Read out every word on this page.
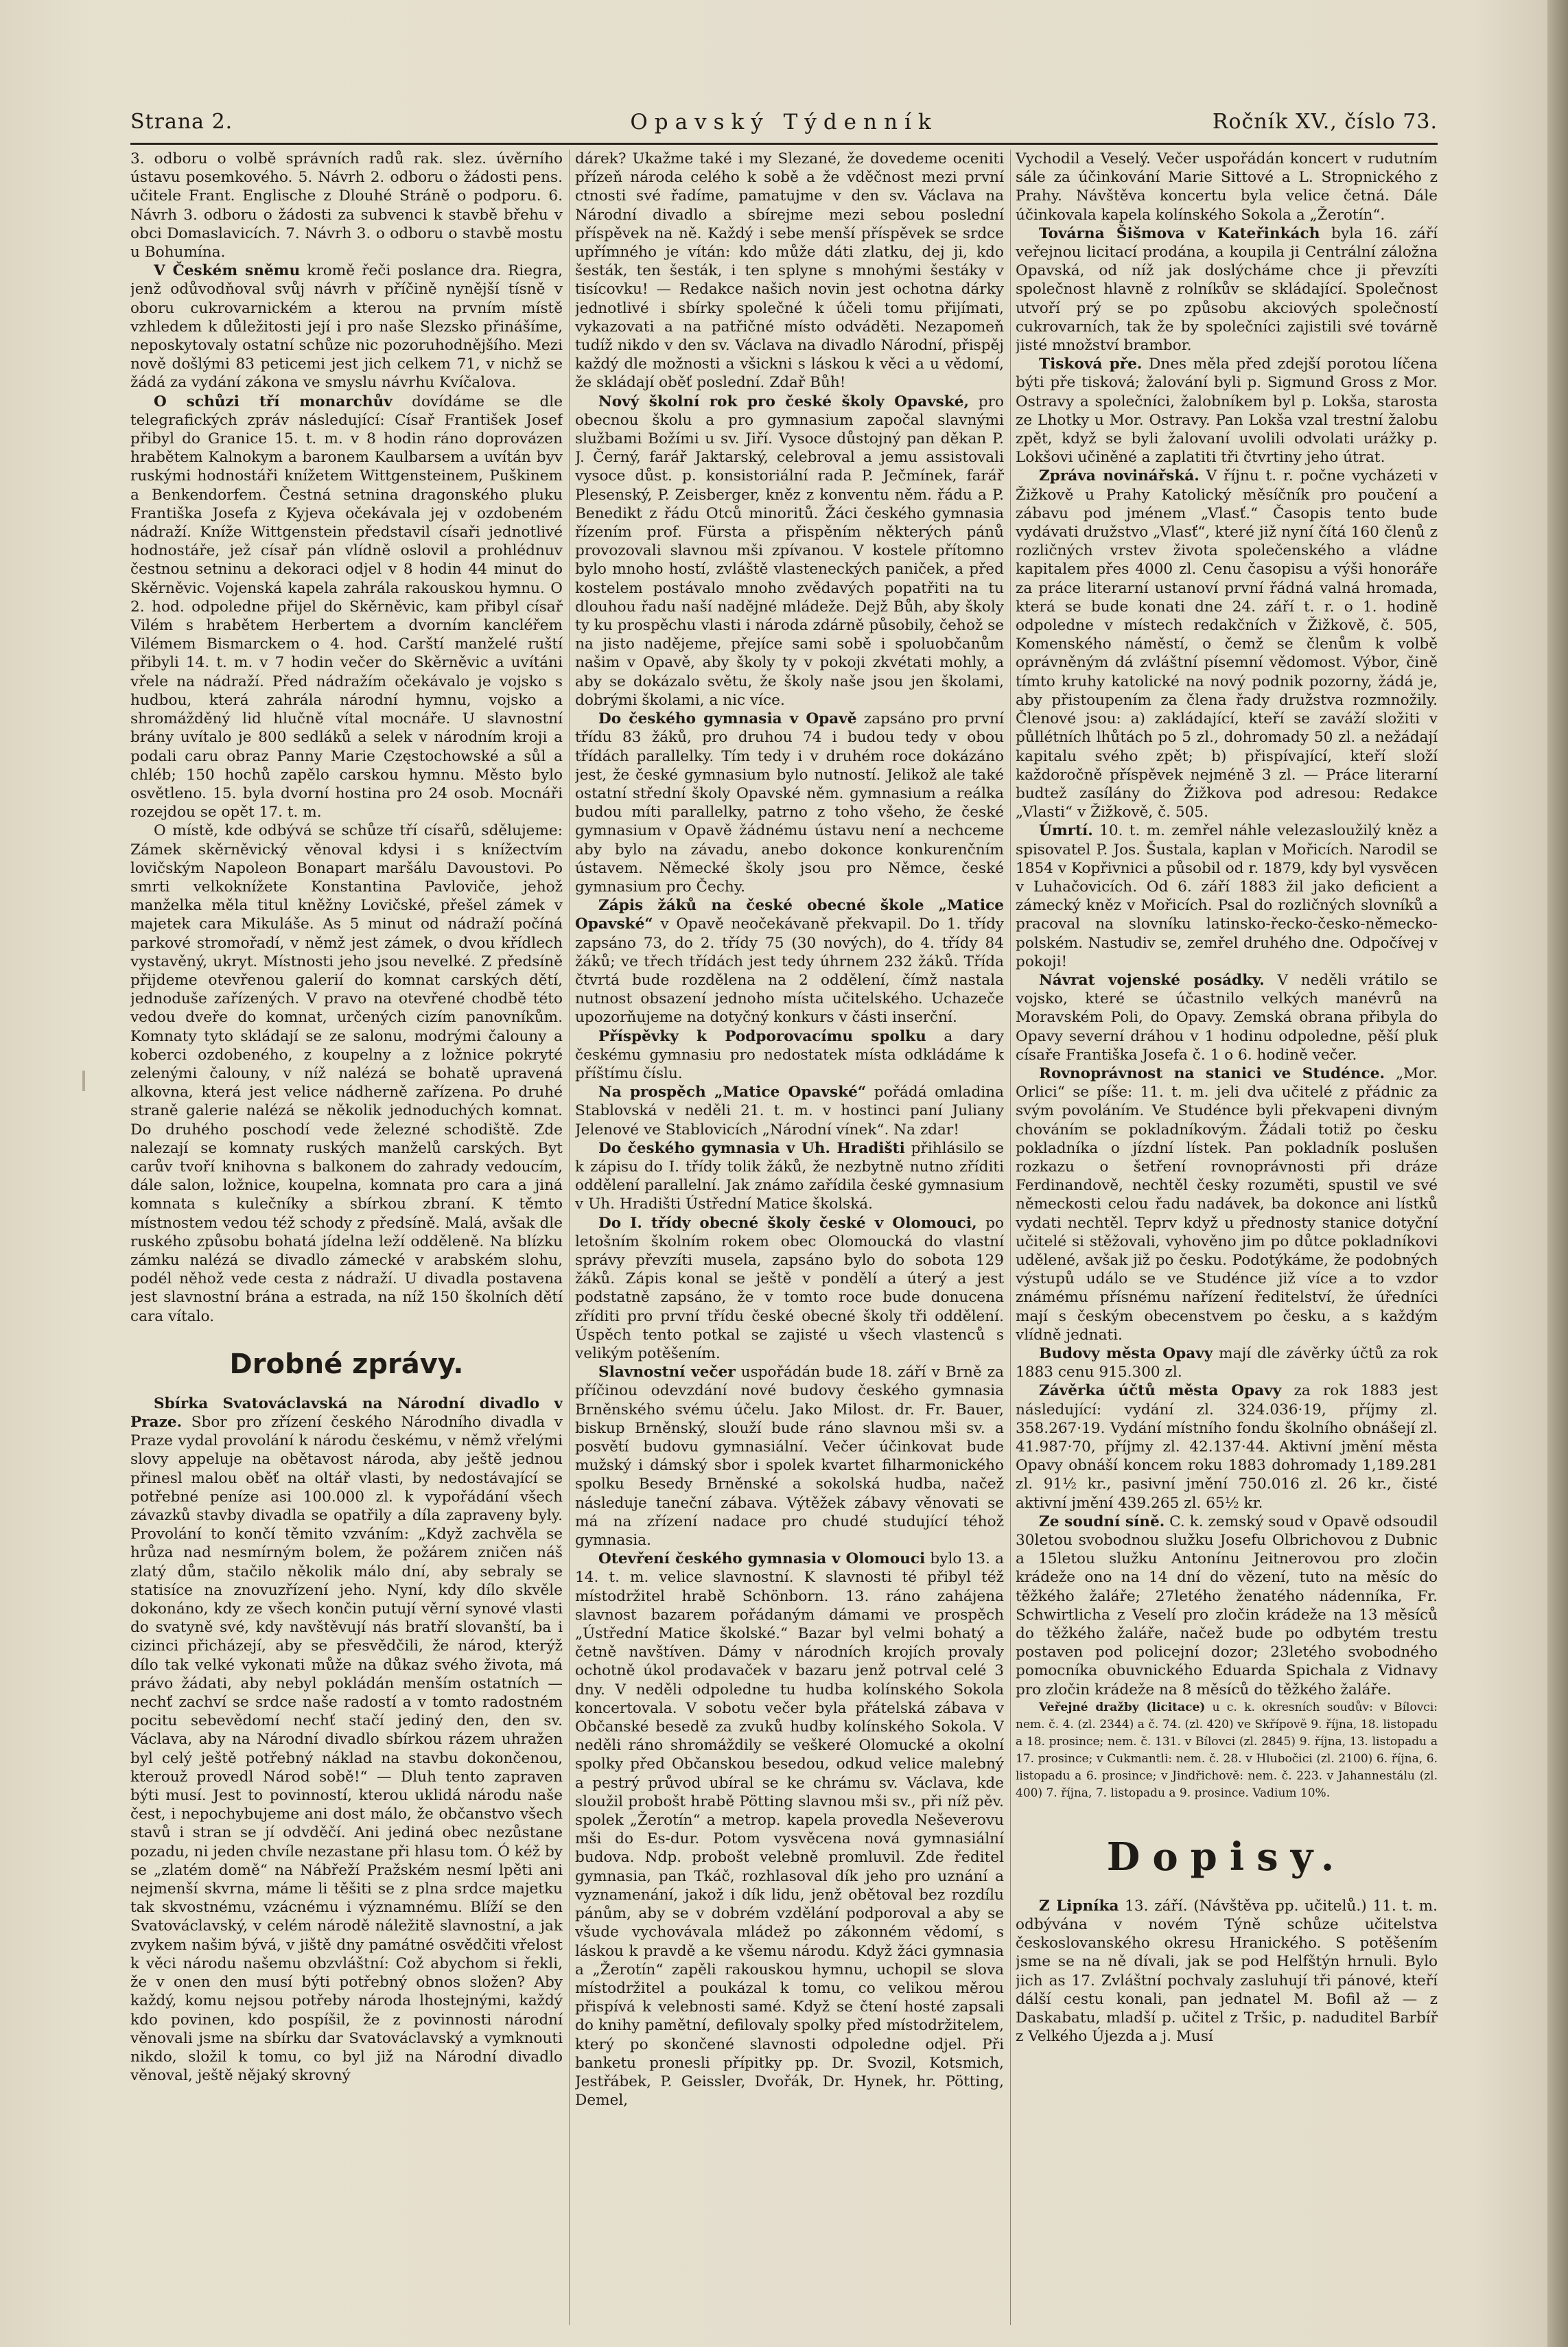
Opavský Týdenník
Strana 2.	Ročník XV., číslo 73.

3. odboru o volbě správních radů rak. slez. úvěrního ústavu posemkového. 5. Návrh 2. odboru o žádosti pens. učitele Frant. Englische z Dlouhé Stráně o podporu. 6. Návrh 3. odboru o žádosti za subvenci k stavbě břehu v obci Domaslavicích. 7. Návrh 3. o odboru o stavbě mostu u Bohumína.

V Českém sněmu kromě řeči poslance dra. Riegra, jenž odůvodňoval svůj návrh v příčině nynější tísně v oboru cukrovarnickém a kterou na prvním místě vzhledem k důležitosti její i pro naše Slezsko přinášíme, neposkytovaly ostatní schůze nic pozoruhodnějšího. Mezi nově došlými 83 peticemi jest jich celkem 71, v nichž se žádá za vydání zákona ve smyslu návrhu Kvíčalova.

O schůzi tří monarchův dovídáme se dle telegrafických zpráv následující: Císař František Josef přibyl do Granice 15. t. m. v 8 hodin ráno doprovázen hrabětem Kalnokym a baronem Kaulbarsem a uvítán byv ruskými hodnostáři knížetem Wittgensteinem, Puškinem a Benkendorfem. Čestná setnina dragonského pluku Františka Josefa z Kyjeva očekávala jej v ozdobeném nádraží. Kníže Wittgenstein představil císaři jednotlivé hodnostáře, jež císař pán vlídně oslovil a prohlédnuv čestnou setninu a dekoraci odjel v 8 hodin 44 minut do Skěrněvic. Vojenská kapela zahrála rakouskou hymnu. O 2. hod. odpoledne přijel do Skěrněvic, kam přibyl císař Vilém s hrabětem Herbertem a dvorním kancléřem Vilémem Bismarckem o 4. hod. Carští manželé ruští přibyli 14. t. m. v 7 hodin večer do Skěrněvic a uvítáni vřele na nádraží. Před nádražím očekávalo je vojsko s hudbou, která zahrála národní hymnu, vojsko a shromážděný lid hlučně vítal mocnáře. U slavnostní brány uvítalo je 800 sedláků a selek v národním kroji a podali caru obraz Panny Marie Częstochowské a sůl a chléb; 150 hochů zapělo carskou hymnu. Město bylo osvětleno. 15. byla dvorní hostina pro 24 osob. Mocnáři rozejdou se opět 17. t. m.

O místě, kde odbývá se schůze tří císařů, sdělujeme: Zámek skěrněvický věnoval kdysi i s knížectvím lovičským Napoleon Bonapart maršálu Davoustovi. Po smrti velkoknížete Konstantina Pavloviče, jehož manželka měla titul kněžny Lovičské, přešel zámek v majetek cara Mikuláše. As 5 minut od nádraží počíná parkové stromořadí, v němž jest zámek, o dvou křídlech vystavěný, ukryt. Místnosti jeho jsou nevelké. Z předsíně přijdeme otevřenou galerií do komnat carských dětí, jednoduše zařízených. V pravo na otevřené chodbě této vedou dveře do komnat, určených cizím panovníkům. Komnaty tyto skládají se ze salonu, modrými čalouny a koberci ozdobeného, z koupelny a z ložnice pokryté zelenými čalouny, v níž nalézá se bohatě upravená alkovna, která jest velice nádherně zařízena. Po druhé straně galerie nalézá se několik jednoduchých komnat. Do druhého poschodí vede železné schodiště. Zde nalezají se komnaty ruských manželů carských. Byt carův tvoří knihovna s balkonem do zahrady vedoucím, dále salon, ložnice, koupelna, komnata pro cara a jiná komnata s kulečníky a sbírkou zbraní. K těmto místnostem vedou též schody z předsíně. Malá, avšak dle ruského způsobu bohatá jídelna leží odděleně. Na blízku zámku nalézá se divadlo zámecké v arabském slohu, podél něhož vede cesta z nádraží. U divadla postavena jest slavnostní brána a estrada, na níž 150 školních dětí cara vítalo.

Drobné zprávy.

Sbírka Svatováclavská na Národní divadlo v Praze. Sbor pro zřízení českého Národního divadla v Praze vydal provolání k národu českému, v němž vřelými slovy appeluje na obětavost národa, aby ještě jednou přinesl malou oběť na oltář vlasti, by nedostávající se potřebné peníze asi 100.000 zl. k vypořádání všech závazků stavby divadla se opatřily a díla zapraveny byly. Provolání to končí těmito vzváním: „Když zachvěla se hrůza nad nesmírným bolem, že požárem zničen náš zlatý dům, stačilo několik málo dní, aby sebraly se statisíce na znovuzřízení jeho. Nyní, kdy dílo skvěle dokonáno, kdy ze všech končin putují věrní synové vlasti do svatyně své, kdy navštěvují nás bratří slovanští, ba i cizinci přicházejí, aby se přesvědčili, že národ, kterýž dílo tak velké vykonati může na důkaz svého života, má právo žádati, aby nebyl pokládán menším ostatních — nechť zachví se srdce naše radostí a v tomto radostném pocitu sebevědomí nechť stačí jediný den, den sv. Václava, aby na Národní divadlo sbírkou rázem uhražen byl celý ještě potřebný náklad na stavbu dokončenou, kterouž provedl Národ sobě!“ — Dluh tento zapraven býti musí. Jest to povinností, kterou uklidá národu naše čest, i nepochybujeme ani dost málo, že občanstvo všech stavů i stran se jí odvděčí. Ani jediná obec nezůstane pozadu, ni jeden chvíle nezastane při hlasu tom. Ó kéž by se „zlatém domě“ na Nábřeží Pražském nesmí lpěti ani nejmenší skvrna, máme li těšiti se z plna srdce majetku tak skvostnému, vzácnému i významnému. Blíží se den Svatováclavský, v celém národě náležitě slavnostní, a jak zvykem našim bývá, v jiště dny památné osvědčiti vřelost k věci národu našemu obzvláštní: Což abychom si řekli, že v onen den musí býti potřebný obnos složen? Aby každý, komu nejsou potřeby národa lhostejnými, každý kdo povinen, kdo pospíšil, že z povinnosti národní věnovali jsme na sbírku dar Svatováclavský a vymknouti nikdo, složil k tomu, co byl již na Národní divadlo věnoval, ještě nějaký skrovný

dárek? Ukažme také i my Slezané, že dovedeme oceniti přízeň národa celého k sobě a že vděčnost mezi první ctnosti své řadíme, pamatujme v den sv. Václava na Národní divadlo a sbírejme mezi sebou poslední příspěvek na ně. Každý i sebe menší příspěvek se srdce upřímného je vítán: kdo může dáti zlatku, dej ji, kdo šesták, ten šesták, i ten splyne s mnohými šestáky v tisícovku! — Redakce našich novin jest ochotna dárky jednotlivé i sbírky společné k účeli tomu přijímati, vykazovati a na patřičné místo odváděti. Nezapomeň tudíž nikdo v den sv. Václava na divadlo Národní, přispěj každý dle možnosti a všickni s láskou k věci a u vědomí, že skládají oběť poslední. Zdař Bůh!

Nový školní rok pro české školy Opavské, pro obecnou školu a pro gymnasium započal slavnými službami Božími u sv. Jiří. Vysoce důstojný pan děkan P. J. Černý, farář Jaktarský, celebroval a jemu assistovali vysoce důst. p. konsistoriální rada P. Ječmínek, farář Plesenský, P. Zeisberger, kněz z konventu něm. řádu a P. Benedikt z řádu Otců minoritů. Žáci českého gymnasia řízením prof. Fürsta a přispěním některých pánů provozovali slavnou mši zpívanou. V kostele přítomno bylo mnoho hostí, zvláště vlasteneckých paniček, a před kostelem postávalo mnoho zvědavých popatřiti na tu dlouhou řadu naší nadějné mládeže. Dejž Bůh, aby školy ty ku prospěchu vlasti i národa zdárně působily, čehož se na jisto nadějeme, přejíce sami sobě i spoluobčanům našim v Opavě, aby školy ty v pokoji zkvétati mohly, a aby se dokázalo světu, že školy naše jsou jen školami, dobrými školami, a nic více.

Do českého gymnasia v Opavě zapsáno pro první třídu 83 žáků, pro druhou 74 i budou tedy v obou třídách parallelky. Tím tedy i v druhém roce dokázáno jest, že české gymnasium bylo nutností. Jelikož ale také ostatní střední školy Opavské něm. gymnasium a reálka budou míti parallelky, patrno z toho všeho, že české gymnasium v Opavě žádnému ústavu není a nechceme aby bylo na závadu, anebo dokonce konkurenčním ústavem. Německé školy jsou pro Němce, české gymnasium pro Čechy.

Zápis žáků na české obecné škole „Matice Opavské“ v Opavě neočekávaně překvapil. Do 1. třídy zapsáno 73, do 2. třídy 75 (30 nových), do 4. třídy 84 žáků; ve třech třídách jest tedy úhrnem 232 žáků. Třída čtvrtá bude rozdělena na 2 oddělení, čímž nastala nutnost obsazení jednoho místa učitelského. Uchazeče upozorňujeme na dotyčný konkurs v části inserční.

Příspěvky k Podporovacímu spolku a dary českému gymnasiu pro nedostatek místa odkládáme k příštímu číslu.

Na prospěch „Matice Opavské“ pořádá omladina Stablovská v neděli 21. t. m. v hostinci paní Juliany Jelenové ve Stablovicích „Národní vínek“. Na zdar!

Do českého gymnasia v Uh. Hradišti přihlásilo se k zápisu do I. třídy tolik žáků, že nezbytně nutno zříditi oddělení parallelní. Jak známo zařídila české gymnasium v Uh. Hradišti Ústřední Matice školská.

Do I. třídy obecné školy české v Olomouci, po letošním školním rokem obec Olomoucká do vlastní správy převzíti musela, zapsáno bylo do sobota 129 žáků. Zápis konal se ještě v pondělí a úterý a jest podstatně zapsáno, že v tomto roce bude donucena zříditi pro první třídu české obecné školy tři oddělení. Úspěch tento potkal se zajisté u všech vlastenců s velikým potěšením.

Slavnostní večer uspořádán bude 18. září v Brně za příčinou odevzdání nové budovy českého gymnasia Brněnského svému účelu. Jako Milost. dr. Fr. Bauer, biskup Brněnský, slouží bude ráno slavnou mši sv. a posvětí budovu gymnasiální. Večer účinkovat bude mužský i dámský sbor i spolek kvartet filharmonického spolku Besedy Brněnské a sokolská hudba, načež následuje taneční zábava. Výtěžek zábavy věnovati se má na zřízení nadace pro chudé studující téhož gymnasia.

Otevření českého gymnasia v Olomouci bylo 13. a 14. t. m. velice slavnostní. K slavnosti té přibyl též místodržitel hrabě Schönborn. 13. ráno zahájena slavnost bazarem pořádaným dámami ve prospěch „Ústřední Matice školské.“ Bazar byl velmi bohatý a četně navštíven. Dámy v národních krojích provaly ochotně úkol prodavaček v bazaru jenž potrval celé 3 dny. V neděli odpoledne tu hudba kolínského Sokola koncertovala. V sobotu večer byla přátelská zábava v Občanské besedě za zvuků hudby kolínského Sokola. V neděli ráno shromáždily se veškeré Olomucké a okolní spolky před Občanskou besedou, odkud velice malebný a pestrý průvod ubíral se ke chrámu sv. Václava, kde sloužil probošt hrabě Pötting slavnou mši sv., při níž pěv. spolek „Žerotín“ a metrop. kapela provedla Neševerovu mši do Es-dur. Potom vysvěcena nová gymnasiální budova. Ndp. probošt velebně promluvil. Zde ředitel gymnasia, pan Tkáč, rozhlasoval dík jeho pro uznání a vyznamenání, jakož i dík lidu, jenž obětoval bez rozdílu pánům, aby se v dobrém vzdělání podporoval a aby se všude vychovávala mládež po zákonném vědomí, s láskou k pravdě a ke všemu národu. Když žáci gymnasia a „Žerotín“ zapěli rakouskou hymnu, uchopil se slova místodržitel a poukázal k tomu, co velikou měrou přispívá k velebnosti samé. Když se čtení hosté zapsali do knihy pamětní, defilovaly spolky před místodržitelem, který po skončené slavnosti odpoledne odjel. Při banketu pronesli přípitky pp. Dr. Svozil, Kotsmich, Jestřábek, P. Geissler, Dvořák, Dr. Hynek, hr. Pötting, Demel,

Vychodil a Veselý. Večer uspořádán koncert v rudutním sále za účinkování Marie Sittové a L. Stropnického z Prahy. Návštěva koncertu byla velice četná. Dále účinkovala kapela kolínského Sokola a „Žerotín“.

Továrna Šišmova v Kateřinkách byla 16. září veřejnou licitací prodána, a koupila ji Centrální záložna Opavská, od níž jak doslýcháme chce ji převzíti společnost hlavně z rolníkův se skládající. Společnost utvoří prý se po způsobu akciových společností cukrovarních, tak že by společníci zajistili své továrně jisté množství brambor.

Tisková pře. Dnes měla před zdejší porotou líčena býti pře tisková; žalování byli p. Sigmund Gross z Mor. Ostravy a společníci, žalobníkem byl p. Lokša, starosta ze Lhotky u Mor. Ostravy. Pan Lokša vzal trestní žalobu zpět, když se byli žalovaní uvolili odvolati urážky p. Lokšovi učiněné a zaplatiti tři čtvrtiny jeho útrat.

Zpráva novinářská. V říjnu t. r. počne vycházeti v Žižkově u Prahy Katolický měsíčník pro poučení a zábavu pod jménem „Vlasť.“ Časopis tento bude vydávati družstvo „Vlasť“, které již nyní čítá 160 členů z rozličných vrstev života společenského a vládne kapitalem přes 4000 zl. Cenu časopisu a výši honoráře za práce literarní ustanoví první řádná valná hromada, která se bude konati dne 24. září t. r. o 1. hodině odpoledne v místech redakčních v Žižkově, č. 505, Komenského náměstí, o čemž se členům k volbě oprávněným dá zvláštní písemní vědomost. Výbor, čině tímto kruhy katolické na nový podnik pozorny, žádá je, aby přistoupením za člena řady družstva rozmnožily. Členové jsou: a) zakládající, kteří se zaváží složiti v půllétních lhůtách po 5 zl., dohromady 50 zl. a nežádají kapitalu svého zpět; b) přispívající, kteří složí každoročně příspěvek nejméně 3 zl. — Práce literarní budtež zasílány do Žižkova pod adresou: Redakce „Vlasti“ v Žižkově, č. 505.

Úmrtí. 10. t. m. zemřel náhle velezasloužilý kněz a spisovatel P. Jos. Šustala, kaplan v Mořicích. Narodil se 1854 v Kopřivnici a působil od r. 1879, kdy byl vysvěcen v Luhačovicích. Od 6. září 1883 žil jako deficient a zámecký kněz v Mořicích. Psal do rozličných slovníků a pracoval na slovníku latinsko-řecko-česko-německo-polském. Nastudiv se, zemřel druhého dne. Odpočívej v pokoji!

Návrat vojenské posádky. V neděli vrátilo se vojsko, které se účastnilo velkých manévrů na Moravském Poli, do Opavy. Zemská obrana přibyla do Opavy severní dráhou v 1 hodinu odpoledne, pěší pluk císaře Františka Josefa č. 1 o 6. hodině večer.

Rovnoprávnost na stanici ve Studénce. „Mor. Orlici“ se píše: 11. t. m. jeli dva učitelé z přádnic za svým povoláním. Ve Studénce byli překvapeni divným chováním se pokladníkovým. Žádali totiž po česku pokladníka o jízdní lístek. Pan pokladník poslušen rozkazu o šetření rovnoprávnosti při dráze Ferdinandově, nechtěl česky rozuměti, spustil ve své německosti celou řadu nadávek, ba dokonce ani lístků vydati nechtěl. Teprv když u přednosty stanice dotyční učitelé si stěžovali, vyhověno jim po důtce pokladníkovi udělené, avšak již po česku. Podotýkáme, že podobných výstupů událo se ve Studénce již více a to vzdor známému přísnému nařízení ředitelství, že úředníci mají s českým obecenstvem po česku, a s každým vlídně jednati.

Budovy města Opavy mají dle závěrky účtů za rok 1883 cenu 915.300 zl.

Závěrka účtů města Opavy za rok 1883 jest následující: vydání zl. 324.036·19, příjmy zl. 358.267·19. Vydání místního fondu školního obnášejí zl. 41.987·70, příjmy zl. 42.137·44. Aktivní jmění města Opavy obnáší koncem roku 1883 dohromady 1,189.281 zl. 91½ kr., pasivní jmění 750.016 zl. 26 kr., čisté aktivní jmění 439.265 zl. 65½ kr.

Ze soudní síně. C. k. zemský soud v Opavě odsoudil 30letou svobodnou služku Josefu Olbrichovou z Dubnic a 15letou služku Antonínu Jeitnerovou pro zločin krádeže ono na 14 dní do vězení, tuto na měsíc do těžkého žaláře; 27letého ženatého nádenníka, Fr. Schwirtlicha z Veselí pro zločin krádeže na 13 měsíců do těžkého žaláře, načež bude po odbytém trestu postaven pod policejní dozor; 23letého svobodného pomocníka obuvnického Eduarda Spichala z Vidnavy pro zločin krádeže na 8 měsíců do těžkého žaláře.

Veřejné dražby (licitace) u c. k. okresních soudův: v Bílovci: nem. č. 4. (zl. 2344) a č. 74. (zl. 420) ve Skřípově 9. října, 18. listopadu a 18. prosince; nem. č. 131. v Bílovci (zl. 2845) 9. října, 13. listopadu a 17. prosince; v Cukmantli: nem. č. 28. v Hlubočici (zl. 2100) 6. října, 6. listopadu a 6. prosince; v Jindřichově: nem. č. 223. v Jahannestálu (zl. 400) 7. října, 7. listopadu a 9. prosince. Vadium 10%.

Dopisy.

Z Lipníka 13. září. (Návštěva pp. učitelů.) 11. t. m. odbývána v novém Týně schůze učitelstva českoslovanského okresu Hranického. S potěšením jsme se na ně dívali, jak se pod Helfštýn hrnuli. Bylo jich as 17. Zvláštní pochvaly zasluhují tři pánové, kteří dálší cestu konali, pan jednatel M. Bofil až — z Daskabatu, mladší p. učitel z Tršic, p. naduditel Barbíř z Velkého Újezda a j. Musí
